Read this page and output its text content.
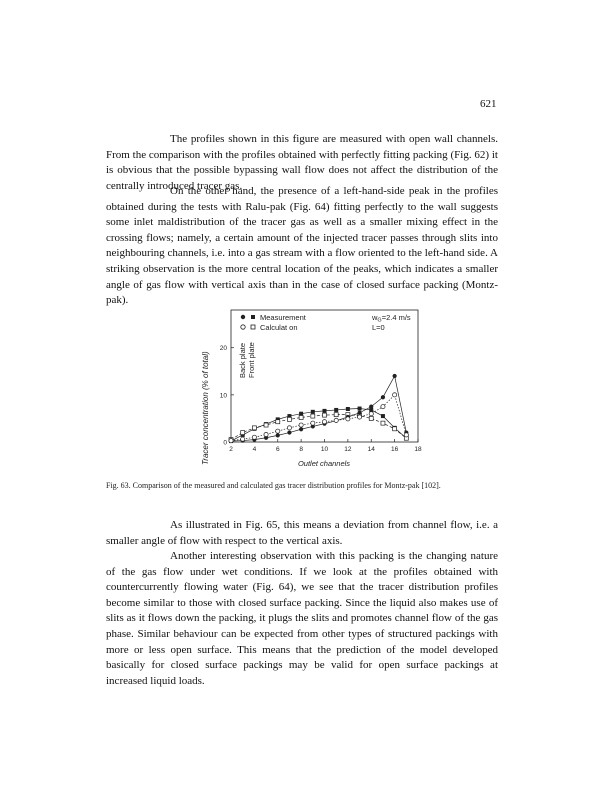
621

The profiles shown in this figure are measured with open wall channels. From the comparison with the profiles obtained with perfectly fitting packing (Fig. 62) it is obvious that the possible bypassing wall flow does not affect the distribution of the centrally introduced tracer gas.

On the other hand, the presence of a left-hand-side peak in the profiles obtained during the tests with Ralu-pak (Fig. 64) fitting perfectly to the wall suggests some inlet maldistribution of the tracer gas as well as a smaller mixing effect in the crossing flows; namely, a certain amount of the injected tracer passes through slits into neighbouring channels, i.e. into a gas stream with a flow oriented to the left-hand side. A striking observation is the more central location of the peaks, which indicates a smaller angle of gas flow with vertical axis than in the case of closed surface packing (Montz-pak).

2	4	6	8	10 12 14 16 18
0
10
20
Measurement
Calculat on
$w_G=2.4$ m/s
L=0
Back plate Front plate
Tracer concentration (% of total)	Outlet channels
Fig. 63. Comparison of the measured and calculated gas tracer distribution profiles for Montz-pak [102].

As illustrated in Fig. 65, this means a deviation from channel flow, i.e. a smaller angle of flow with respect to the vertical axis.

Another interesting observation with this packing is the changing nature of the gas flow under wet conditions. If we look at the profiles obtained with countercurrently flowing water (Fig. 64), we see that the tracer distribution profiles become similar to those with closed surface packing. Since the liquid also makes use of slits as it flows down the packing, it plugs the slits and promotes channel flow of the gas phase. Similar behaviour can be expected from other types of structured packings with more or less open surface. This means that the prediction of the model developed basically for closed surface packings may be valid for open surface packings at increased liquid loads.
